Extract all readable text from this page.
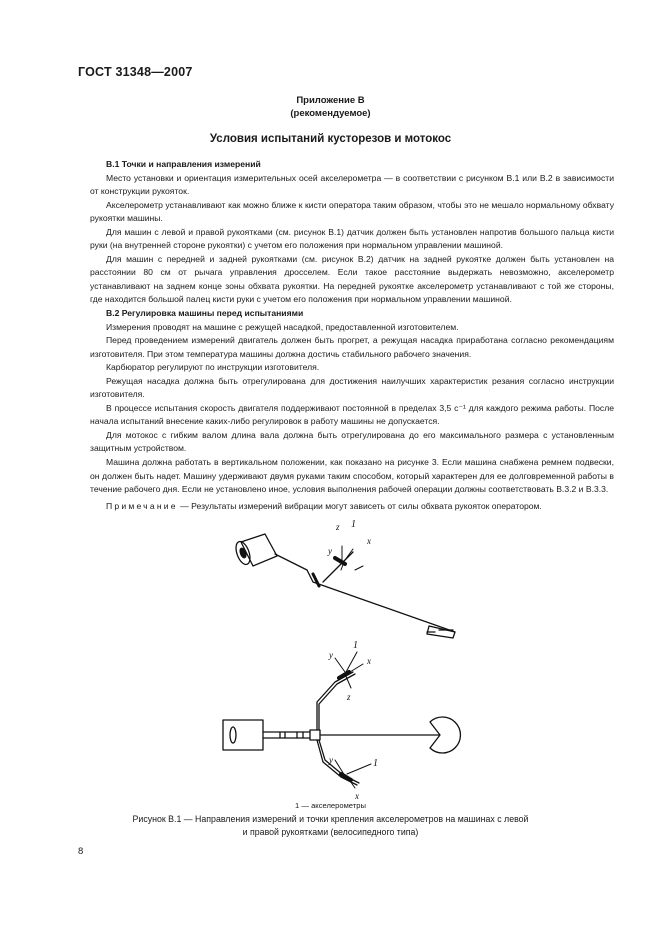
ГОСТ 31348—2007
Приложение В
(рекомендуемое)
Условия испытаний кусторезов и мотокос

В.1 Точки и направления измерений

Место установки и ориентация измерительных осей акселерометра — в соответствии с рисунком В.1 или В.2 в зависимости от конструкции рукояток.

Акселерометр устанавливают как можно ближе к кисти оператора таким образом, чтобы это не мешало нормальному обхвату рукоятки машины.

Для машин с левой и правой рукоятками (см. рисунок В.1) датчик должен быть установлен напротив большого пальца кисти руки (на внутренней стороне рукоятки) с учетом его положения при нормальном управлении машиной.

Для машин с передней и задней рукоятками (см. рисунок В.2) датчик на задней рукоятке должен быть установлен на расстоянии 80 см от рычага управления дросселем. Если такое расстояние выдержать невозможно, акселерометр устанавливают на заднем конце зоны обхвата рукоятки. На передней рукоятке акселерометр устанавливают с той же стороны, где находится большой палец кисти руки с учетом его положения при нормальном управлении машиной.

В.2 Регулировка машины перед испытаниями

Измерения проводят на машине с режущей насадкой, предоставленной изготовителем.

Перед проведением измерений двигатель должен быть прогрет, а режущая насадка приработана согласно рекомендациям изготовителя. При этом температура машины должна достичь стабильного рабочего значения.

Карбюратор регулируют по инструкции изготовителя.

Режущая насадка должна быть отрегулирована для достижения наилучших характеристик резания согласно инструкции изготовителя.

В процессе испытания скорость двигателя поддерживают постоянной в пределах 3,5 с⁻¹ для каждого режима работы. После начала испытаний внесение каких-либо регулировок в работу машины не допускается.

Для мотокос с гибким валом длина вала должна быть отрегулирована до его максимального размера с установленным защитным устройством.

Машина должна работать в вертикальном положении, как показано на рисунке 3. Если машина снабжена ремнем подвески, он должен быть надет. Машину удерживают двумя руками таким способом, который характерен для ее долговременной работы в течение рабочего дня. Если не установлено иное, условия выполнения рабочей операции должны соответствовать В.3.2 и В.3.3.

Примечание — Результаты измерений вибрации могут зависеть от силы обхвата рукояток оператором.

z 1
x
y
y
1
x
z
y	1
x
1 — акселерометры
Рисунок В.1 — Направления измерений и точки крепления акселерометров на машинах с левой
и правой рукоятками (велосипедного типа)
8
